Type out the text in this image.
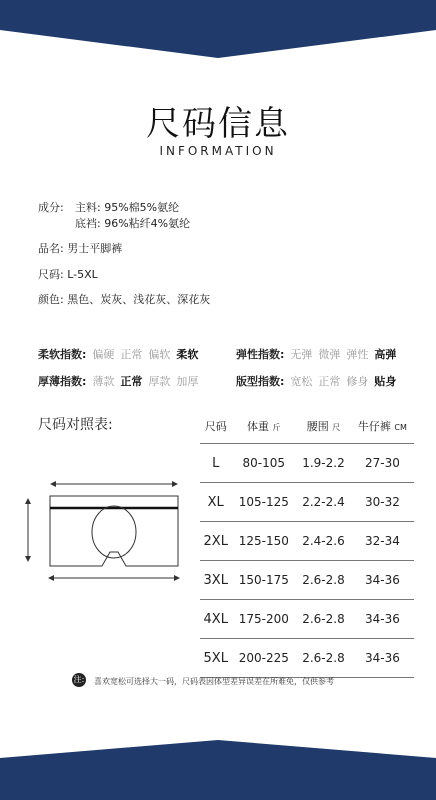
尺码信息
INFORMATION
成分: 主料: 95%棉5%氨纶
底裆: 96%粘纤4%氨纶
品名: 男士平脚裤
尺码: L-5XL
颜色: 黑色、炭灰、浅花灰、深花灰
柔软指数: 偏硬 正常 偏软 柔软	弹性指数: 无弹 微弹 弹性 高弹
厚薄指数: 薄款 正常 厚款 加厚	版型指数: 宽松 正常 修身 贴身
尺码对照表:	尺码	体重 斤	腰围 尺	牛仔裤 CM
L	80-105	1.9-2.2	27-30
XL	105-125	2.2-2.4	30-32
2XL	125-150	2.4-2.6	32-34
3XL	150-175	2.6-2.8	34-36
4XL	175-200	2.6-2.8	34-36
5XL	200-225	2.6-2.8	34-36
注: 喜欢宽松可选择大一码，尺码表因体型差异误差在所难免，仅供参考
